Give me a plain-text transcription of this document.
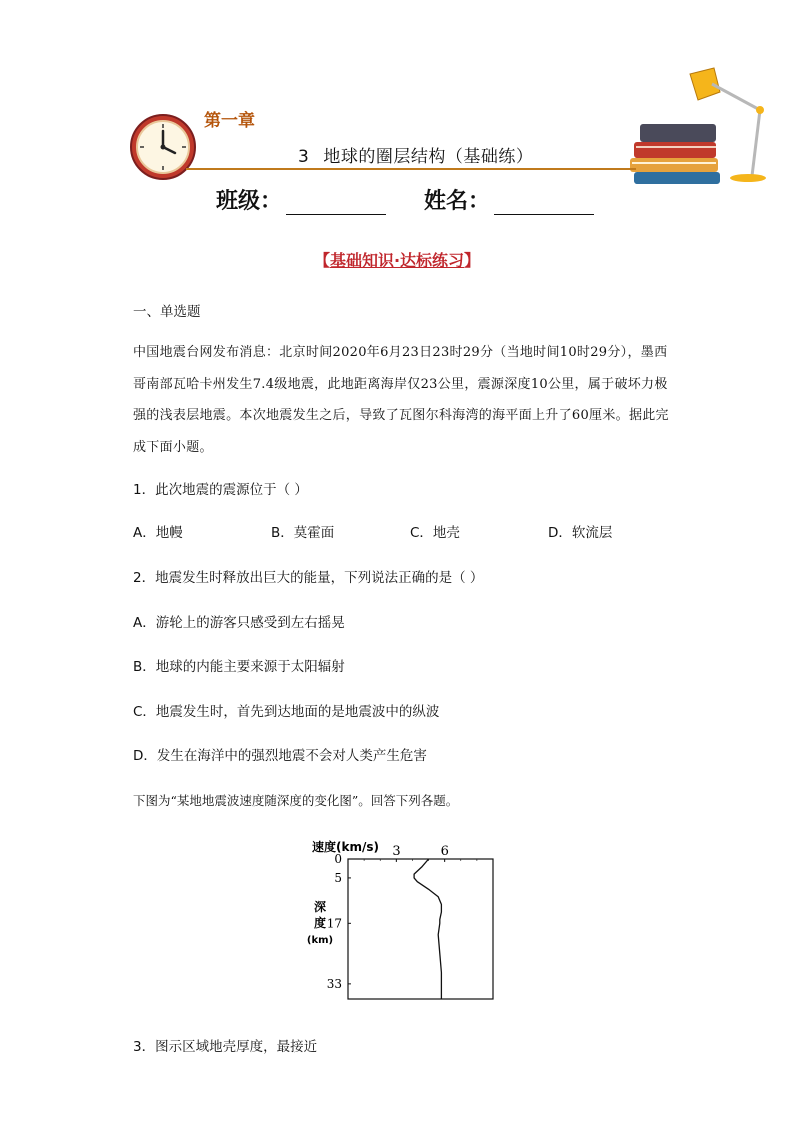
第一章
3 地球的圈层结构（基础练）
班级：	姓名：
【基础知识·达标练习】
一、单选题
中国地震台网发布消息：北京时间2020年6月23日23时29分（当地时间10时29分），墨西哥南部瓦哈卡州发生7.4级地震，此地距离海岸仅23公里，震源深度10公里，属于破坏力极强的浅表层地震。本次地震发生之后，导致了瓦图尔科海湾的海平面上升了60厘米。据此完成下面小题。
1．此次地震的震源位于（ ）
A．地幔	B．莫霍面	C．地壳	D．软流层
2．地震发生时释放出巨大的能量，下列说法正确的是（ ）
A．游轮上的游客只感受到左右摇晃
B．地球的内能主要来源于太阳辐射
C．地震发生时，首先到达地面的是地震波中的纵波
D．发生在海洋中的强烈地震不会对人类产生危害
下图为“某地地震波速度随深度的变化图”。回答下列各题。
速度(km/s) 3	6
0
5
17
33
深
度
(km)
3．图示区域地壳厚度，最接近
